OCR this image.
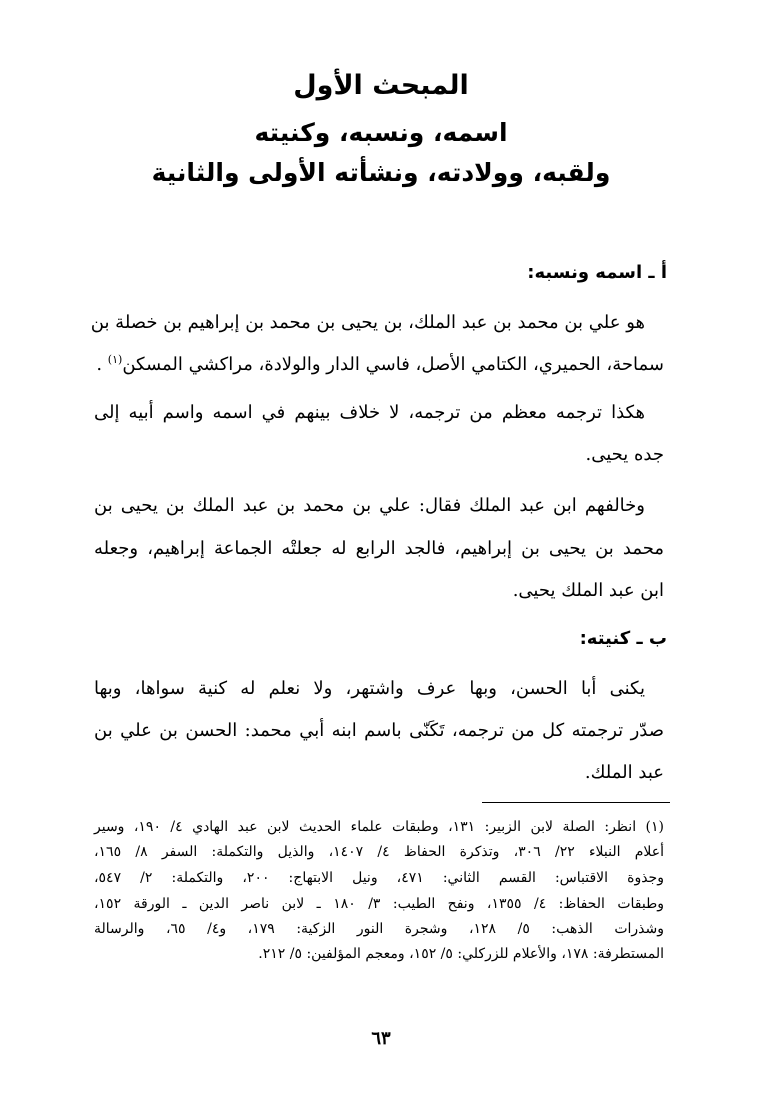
المبحث الأول
اسمه، ونسبه، وكنيته
ولقبه، وولادته، ونشأته الأولى والثانية
أ ـ اسمه ونسبه:
هو علي بن محمد بن عبد الملك، بن يحيى بن محمد بن إبراهيم بن خصلة بن
سماحة، الحميري، الكتامي الأصل، فاسي الدار والولادة، مراكشي المسكن$^{(١)}$ .
هكذا ترجمه معظم من ترجمه، لا خلاف بينهم في اسمه واسم أبيه إلى
جده يحيى.
وخالفهم ابن عبد الملك فقال: علي بن محمد بن عبد الملك بن يحيى بن
محمد بن يحيى بن إبراهيم، فالجد الرابع له جعلتْه الجماعة إبراهيم، وجعله
ابن عبد الملك يحيى.
ب ـ كنيته:
يكنى أبا الحسن، وبها عرف واشتهر، ولا نعلم له كنية سواها، وبها
صدّر ترجمته كل من ترجمه، تَكَنّى باسم ابنه أبي محمد: الحسن بن علي بن
عبد الملك.
(١) انظر: الصلة لابن الزبير: ١٣١، وطبقات علماء الحديث لابن عبد الهادي ٤/ ١٩٠، وسير
أعلام النبلاء ٢٢/ ٣٠٦، وتذكرة الحفاظ ٤/ ١٤٠٧، والذيل والتكملة: السفر ٨/ ١٦٥،
وجذوة الاقتباس: القسم الثاني: ٤٧١، ونيل الابتهاج: ٢٠٠، والتكملة: ٢/ ٥٤٧،
وطبقات الحفاظ: ٤/ ١٣٥٥، ونفح الطيب: ٣/ ١٨٠ ـ لابن ناصر الدين ـ الورقة ١٥٢،
وشذرات الذهب: ٥/ ١٢٨، وشجرة النور الزكية: ١٧٩، و٤/ ٦٥، والرسالة
المستطرفة: ١٧٨، والأعلام للزركلي: ٥/ ١٥٢، ومعجم المؤلفين: ٥/ ٢١٢.
٦٣
